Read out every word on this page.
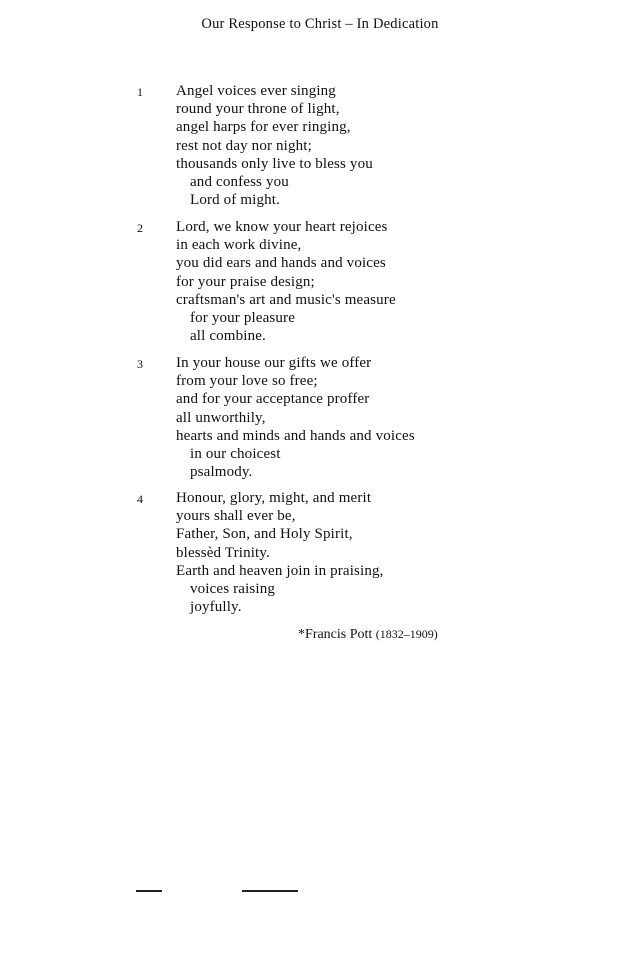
Our Response to Christ – In Dedication
1 Angel voices ever singing
round your throne of light,
angel harps for ever ringing,
rest not day nor night;
thousands only live to bless you
and confess you
Lord of might.
2 Lord, we know your heart rejoices
in each work divine,
you did ears and hands and voices
for your praise design;
craftsman's art and music's measure
for your pleasure
all combine.
3 In your house our gifts we offer
from your love so free;
and for your acceptance proffer
all unworthily,
hearts and minds and hands and voices
in our choicest
psalmody.
4 Honour, glory, might, and merit
yours shall ever be,
Father, Son, and Holy Spirit,
blessèd Trinity.
Earth and heaven join in praising,
voices raising
joyfully.
*Francis Pott (1832–1909)
